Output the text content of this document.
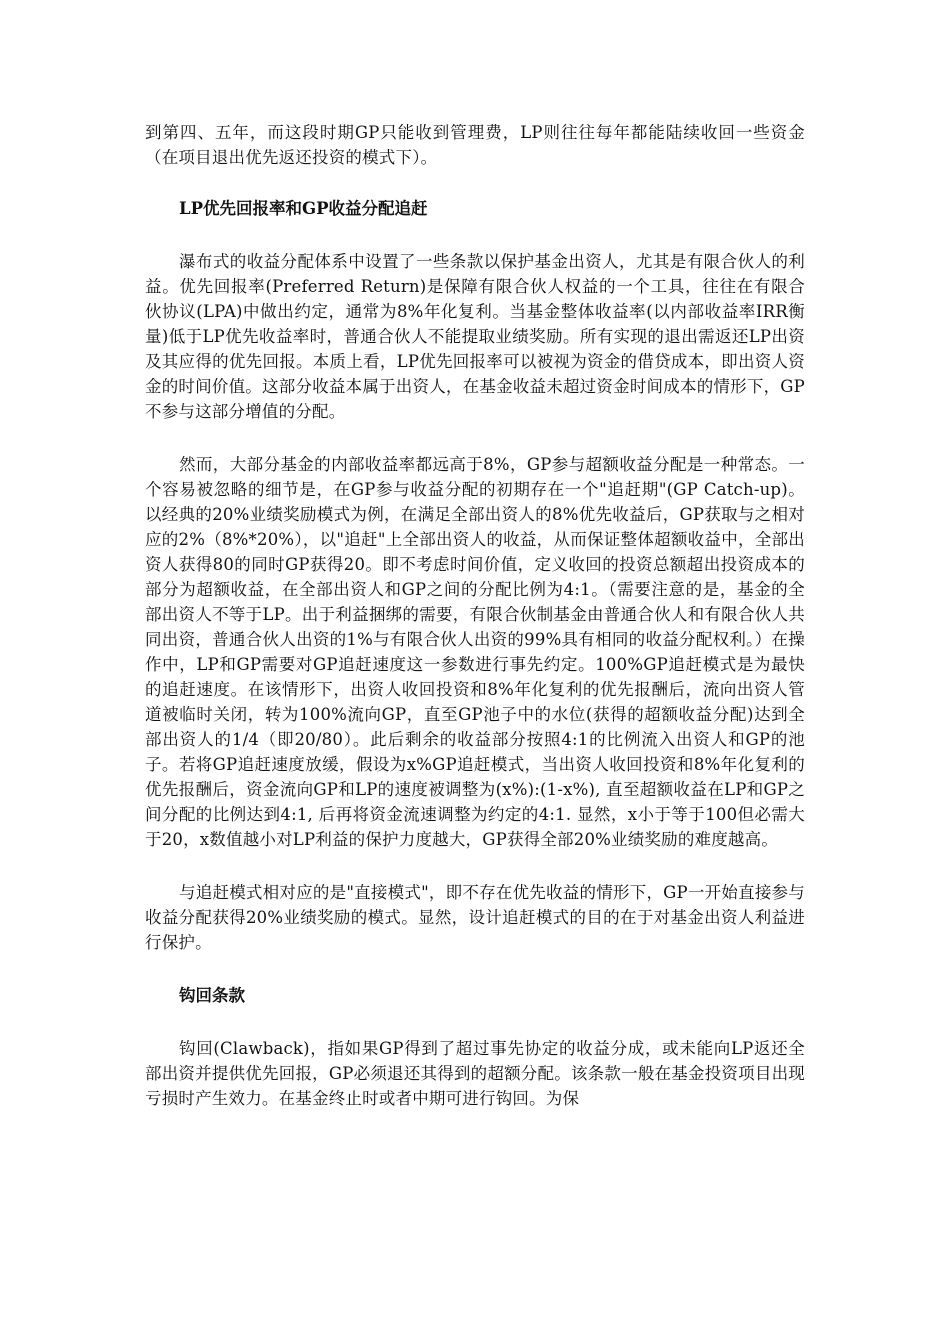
到第四、五年，而这段时期GP只能收到管理费，LP则往往每年都能陆续收回一些资金（在项目退出优先返还投资的模式下）。

LP优先回报率和GP收益分配追赶

瀑布式的收益分配体系中设置了一些条款以保护基金出资人，尤其是有限合伙人的利益。优先回报率(Preferred Return)是保障有限合伙人权益的一个工具，往往在有限合伙协议(LPA)中做出约定，通常为8%年化复利。当基金整体收益率(以内部收益率IRR衡量)低于LP优先收益率时，普通合伙人不能提取业绩奖励。所有实现的退出需返还LP出资及其应得的优先回报。本质上看，LP优先回报率可以被视为资金的借贷成本，即出资人资金的时间价值。这部分收益本属于出资人，在基金收益未超过资金时间成本的情形下，GP不参与这部分增值的分配。

然而，大部分基金的内部收益率都远高于8%，GP参与超额收益分配是一种常态。一个容易被忽略的细节是，在GP参与收益分配的初期存在一个"追赶期"(GP Catch-up)。以经典的20%业绩奖励模式为例，在满足全部出资人的8%优先收益后，GP获取与之相对应的2%（8%*20%），以"追赶"上全部出资人的收益，从而保证整体超额收益中，全部出资人获得80的同时GP获得20。即不考虑时间价值，定义收回的投资总额超出投资成本的部分为超额收益，在全部出资人和GP之间的分配比例为4:1。（需要注意的是，基金的全部出资人不等于LP。出于利益捆绑的需要，有限合伙制基金由普通合伙人和有限合伙人共同出资，普通合伙人出资的1%与有限合伙人出资的99%具有相同的收益分配权利。）在操作中，LP和GP需要对GP追赶速度这一参数进行事先约定。100%GP追赶模式是为最快的追赶速度。在该情形下，出资人收回投资和8%年化复利的优先报酬后，流向出资人管道被临时关闭，转为100%流向GP，直至GP池子中的水位(获得的超额收益分配)达到全部出资人的1/4（即20/80）。此后剩余的收益部分按照4:1的比例流入出资人和GP的池子。若将GP追赶速度放缓，假设为x%GP追赶模式，当出资人收回投资和8%年化复利的优先报酬后，资金流向GP和LP的速度被调整为(x%):(1-x%), 直至超额收益在LP和GP之间分配的比例达到4:1, 后再将资金流速调整为约定的4:1. 显然，x小于等于100但必需大于20，x数值越小对LP利益的保护力度越大，GP获得全部20%业绩奖励的难度越高。

与追赶模式相对应的是"直接模式"，即不存在优先收益的情形下，GP一开始直接参与收益分配获得20%业绩奖励的模式。显然，设计追赶模式的目的在于对基金出资人利益进行保护。

钩回条款

钩回(Clawback)，指如果GP得到了超过事先协定的收益分成，或未能向LP返还全部出资并提供优先回报，GP必须退还其得到的超额分配。该条款一般在基金投资项目出现亏损时产生效力。在基金终止时或者中期可进行钩回。为保
